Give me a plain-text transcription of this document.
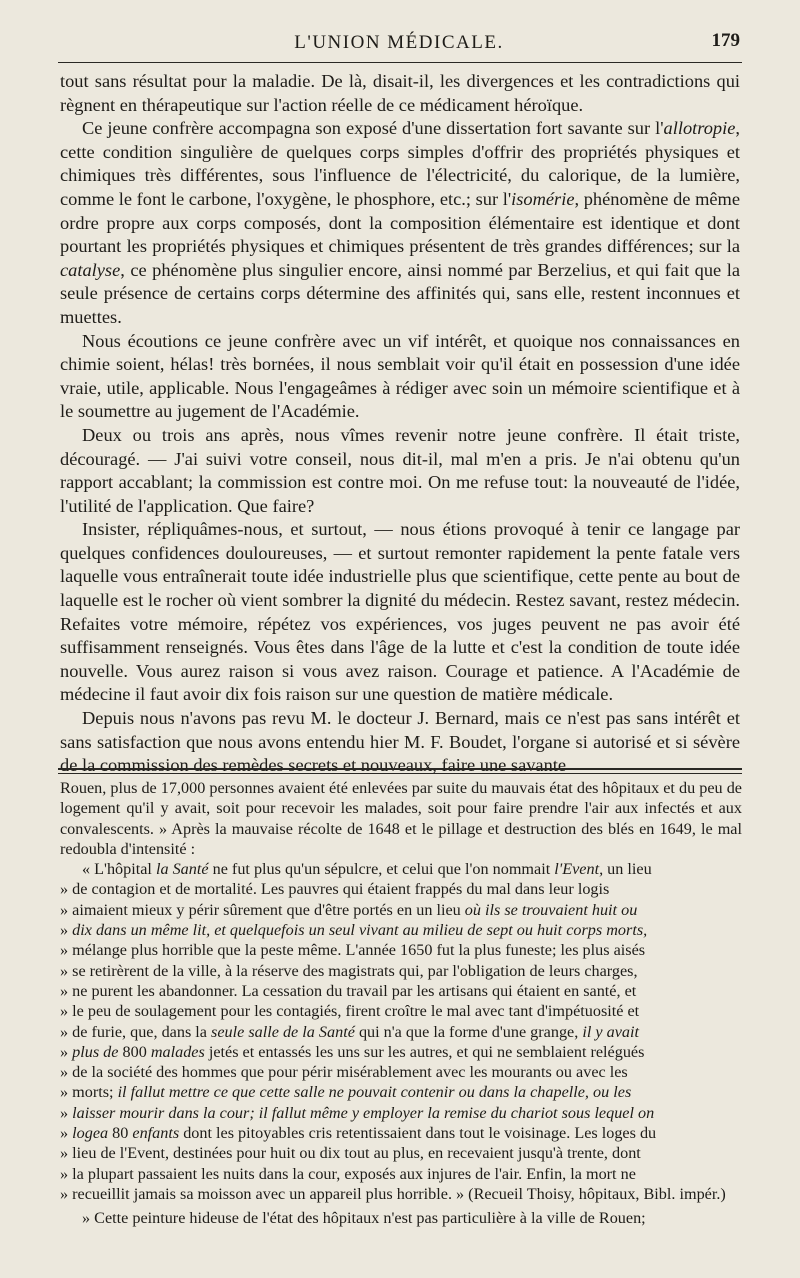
L'UNION MÉDICALE.	179

tout sans résultat pour la maladie. De là, disait-il, les divergences et les contradictions qui règnent en thérapeutique sur l'action réelle de ce médicament héroïque.

Ce jeune confrère accompagna son exposé d'une dissertation fort savante sur l'allotropie, cette condition singulière de quelques corps simples d'offrir des propriétés physiques et chimiques très différentes, sous l'influence de l'électricité, du calorique, de la lumière, comme le font le carbone, l'oxygène, le phosphore, etc.; sur l'isomérie, phénomène de même ordre propre aux corps composés, dont la composition élémentaire est identique et dont pourtant les propriétés physiques et chimiques présentent de très grandes différences; sur la catalyse, ce phénomène plus singulier encore, ainsi nommé par Berzelius, et qui fait que la seule présence de certains corps détermine des affinités qui, sans elle, restent inconnues et muettes.

Nous écoutions ce jeune confrère avec un vif intérêt, et quoique nos connaissances en chimie soient, hélas! très bornées, il nous semblait voir qu'il était en possession d'une idée vraie, utile, applicable. Nous l'engageâmes à rédiger avec soin un mémoire scientifique et à le soumettre au jugement de l'Académie.

Deux ou trois ans après, nous vîmes revenir notre jeune confrère. Il était triste, découragé. — J'ai suivi votre conseil, nous dit-il, mal m'en a pris. Je n'ai obtenu qu'un rapport accablant; la commission est contre moi. On me refuse tout: la nouveauté de l'idée, l'utilité de l'application. Que faire?

Insister, répliquâmes-nous, et surtout, — nous étions provoqué à tenir ce langage par quelques confidences douloureuses, — et surtout remonter rapidement la pente fatale vers laquelle vous entraînerait toute idée industrielle plus que scientifique, cette pente au bout de laquelle est le rocher où vient sombrer la dignité du médecin. Restez savant, restez médecin. Refaites votre mémoire, répétez vos expériences, vos juges peuvent ne pas avoir été suffisamment renseignés. Vous êtes dans l'âge de la lutte et c'est la condition de toute idée nouvelle. Vous aurez raison si vous avez raison. Courage et patience. A l'Académie de médecine il faut avoir dix fois raison sur une question de matière médicale.

Depuis nous n'avons pas revu M. le docteur J. Bernard, mais ce n'est pas sans intérêt et sans satisfaction que nous avons entendu hier M. F. Boudet, l'organe si autorisé et si sévère de la commission des remèdes secrets et nouveaux, faire une savante

Rouen, plus de 17,000 personnes avaient été enlevées par suite du mauvais état des hôpitaux et du peu de logement qu'il y avait, soit pour recevoir les malades, soit pour faire prendre l'air aux infectés et aux convalescents. » Après la mauvaise récolte de 1648 et le pillage et destruction des blés en 1649, le mal redoubla d'intensité :

« L'hôpital la Santé ne fut plus qu'un sépulcre, et celui que l'on nommait l'Event, un lieu

» de contagion et de mortalité. Les pauvres qui étaient frappés du mal dans leur logis

» aimaient mieux y périr sûrement que d'être portés en un lieu où ils se trouvaient huit ou

» dix dans un même lit, et quelquefois un seul vivant au milieu de sept ou huit corps morts,

» mélange plus horrible que la peste même. L'année 1650 fut la plus funeste; les plus aisés

» se retirèrent de la ville, à la réserve des magistrats qui, par l'obligation de leurs charges,

» ne purent les abandonner. La cessation du travail par les artisans qui étaient en santé, et

» le peu de soulagement pour les contagiés, firent croître le mal avec tant d'impétuosité et

» de furie, que, dans la seule salle de la Santé qui n'a que la forme d'une grange, il y avait

» plus de 800 malades jetés et entassés les uns sur les autres, et qui ne semblaient relégués

» de la société des hommes que pour périr misérablement avec les mourants ou avec les

» morts; il fallut mettre ce que cette salle ne pouvait contenir ou dans la chapelle, ou les

» laisser mourir dans la cour; il fallut même y employer la remise du chariot sous lequel on

» logea 80 enfants dont les pitoyables cris retentissaient dans tout le voisinage. Les loges du

» lieu de l'Event, destinées pour huit ou dix tout au plus, en recevaient jusqu'à trente, dont

» la plupart passaient les nuits dans la cour, exposés aux injures de l'air. Enfin, la mort ne

» recueillit jamais sa moisson avec un appareil plus horrible. » (Recueil Thoisy, hôpitaux, Bibl. impér.)

» Cette peinture hideuse de l'état des hôpitaux n'est pas particulière à la ville de Rouen;
